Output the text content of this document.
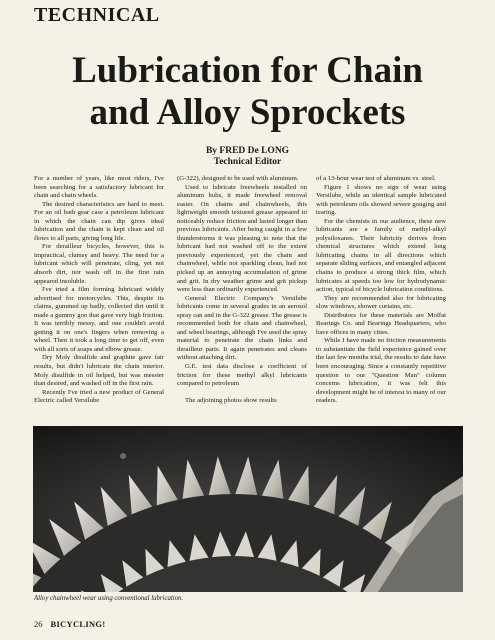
TECHNICAL
Lubrication for Chain
and Alloy Sprockets
By FRED De LONG
Technical Editor

For a number of years, like most riders, I've been searching for a satisfactory lubricant for chain and chain wheels.

The desired characteristics are hard to meet. For an oil bath gear case a petroleum lubricant in which the chain can dip gives ideal lubrication and the chain is kept clean and oil flows to all parts, giving long life.

For derailleur bicycles, however, this is impractical, clumsy and heavy. The need for a lubricant which will penetrate, cling, yet not absorb dirt, nor wash off in the first rain appeared insoluble.

I've tried a film forming lubricant widely advertised for motorcycles. This, despite its claims, gummed up badly, collected dirt until it made a gummy goo that gave very high friction. It was terribly messy, and one couldn't avoid getting it on one's fingers when removing a wheel. Then it took a long time to get off, even with all sorts of soaps and elbow grease.

Dry Moly disulfide and graphite gave fair results, but didn't lubricate the chain interior. Moly disulfide in oil helped, but was messier than desired, and washed off in the first rain.

Recently I've tried a new product of General Electric called Versilube

(G-322), designed to be used with aluminum.

Used to lubricate freewheels installed on aluminum hubs, it made freewheel removal easier. On chains and chainwheels, this lightweight smooth textured grease appeared to noticeably reduce friction and lasted longer than previous lubricants. After being caught in a few thunderstorms it was pleasing to note that the lubricant had not washed off to the extent previously experienced, yet the chain and chainwheel, while not sparkling clean, had not picked up an annoying accumulation of grime and grit. In dry weather grime and grit pickup were less than ordinarily experienced.

General Electric Company's Versilube lubricants come in several grades in an aerosol spray can and in the G-322 grease. The grease is recommended both for chain and chainwheel, and wheel bearings, although I've used the spray material to penetrate the chain links and derailleur parts. It again penetrates and cleans without attaching dirt.

G.E. test data disclose a coefficient of friction for these methyl alkyl lubricants compared to petroleum

The adjoining photos show results

of a 13-hour wear test of aluminum vs. steel.

Figure 1 shows no sign of wear using Versilube, while an identical sample lubricated with petroleum oils showed severe gouging and tearing.

For the chemists in our audience, these new lubricants are a family of methyl-alkyl polysiloxanes. Their lubricity derives from chemical structures which extend long lubricating chains in all directions which separate sliding surfaces, and entangled adjacent chains to produce a strong thick film, which lubricates at speeds too low for hydrodynamic action, typical of bicycle lubrication conditions.

They are recommended also for lubricating slow windows, shower curtains, etc.

Distributors for these materials are Moffat Bearings Co. and Bearings Headquarters, who have offices in many cities.

While I have made no friction measurements to substantiate the field experience gained over the last few months trial, the results to date have been encouraging. Since a constantly repetitive question to our "Question Man" column concerns lubrication, it was felt this development might be of interest to many of our readers.

Alloy chainwheel wear using conventional lubrication.
26 BICYCLING!
